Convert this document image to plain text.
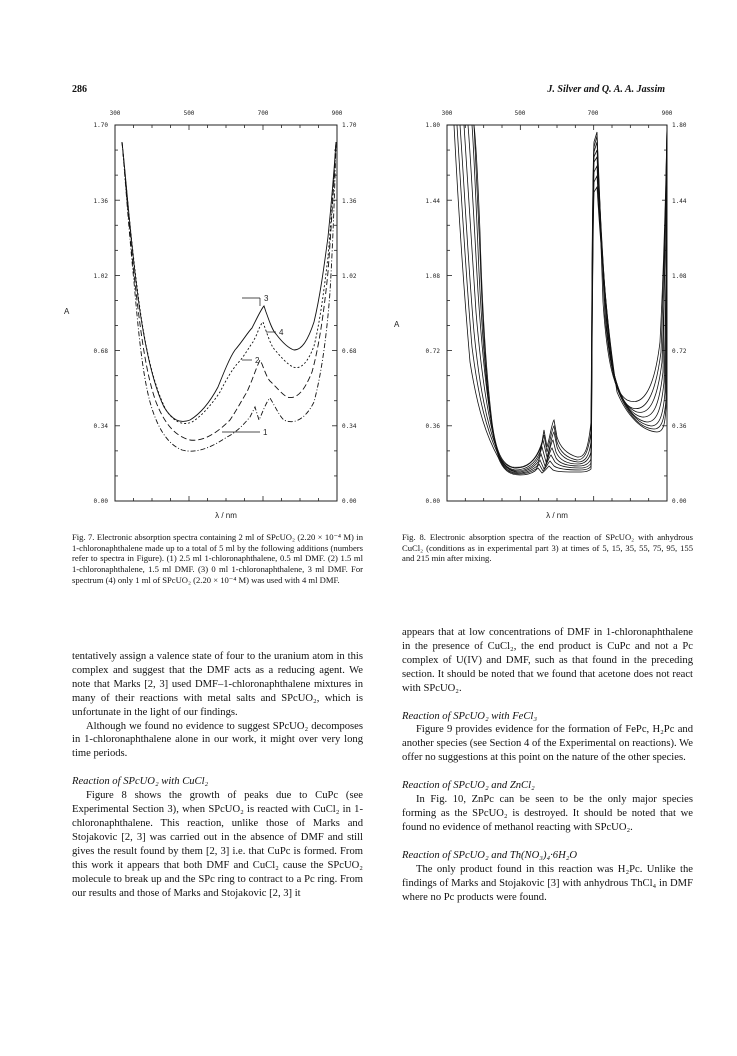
286	J. Silver and Q. A. A. Jassim
300	500	700	900
1.70
1.36
1.02
0.68
0.34
0.00
1.70
1.36
1.02
0.68
0.34
0.00
A
λ / nm
3
4
2
1
300	500	700	900
1.80
1.44
1.08
0.72
0.36
0.00
1.80
1.44
1.08
0.72
0.36
0.00
A
λ / nm
Fig. 7. Electronic absorption spectra containing 2 ml of SPcUO₂ (2.20 × 10⁻⁴ M) in 1-chloronaphthalene made up to a total of 5 ml by the following additions (numbers refer to spectra in Figure). (1) 2.5 ml 1-chloronaphthalene, 0.5 ml DMF. (2) 1.5 ml 1-chloronaphthalene, 1.5 ml DMF. (3) 0 ml 1-chloronaphthalene, 3 ml DMF. For spectrum (4) only 1 ml of SPcUO₂ (2.20 × 10⁻⁴ M) was used with 4 ml DMF.
Fig. 8. Electronic absorption spectra of the reaction of SPcUO₂ with anhydrous CuCl₂ (conditions as in experimental part 3) at times of 5, 15, 35, 55, 75, 95, 155 and 215 min after mixing.

tentatively assign a valence state of four to the uranium atom in this complex and suggest that the DMF acts as a reducing agent. We note that Marks [2, 3] used DMF–1-chloronaphthalene mixtures in many of their reactions with metal salts and SPcUO₂, which is unfortunate in the light of our findings.

Although we found no evidence to suggest SPcUO₂ decomposes in 1-chloronaphthalene alone in our work, it might over very long time periods.

Reaction of SPcUO₂ with CuCl₂

Figure 8 shows the growth of peaks due to CuPc (see Experimental Section 3), when SPcUO₂ is reacted with CuCl₂ in 1-chloronaphthalene. This reaction, unlike those of Marks and Stojakovic [2, 3] was carried out in the absence of DMF and still gives the result found by them [2, 3] i.e. that CuPc is formed. From this work it appears that both DMF and CuCl₂ cause the SPcUO₂ molecule to break up and the SPc ring to contract to a Pc ring. From our results and those of Marks and Stojakovic [2, 3] it

appears that at low concentrations of DMF in 1-chloronaphthalene in the presence of CuCl₂, the end product is CuPc and not a Pc complex of U(IV) and DMF, such as that found in the preceding section. It should be noted that we found that acetone does not react with SPcUO₂.

Reaction of SPcUO₂ with FeCl₃

Figure 9 provides evidence for the formation of FePc, H₂Pc and another species (see Section 4 of the Experimental on reactions). We offer no suggestions at this point on the nature of the other species.

Reaction of SPcUO₂ and ZnCl₂

In Fig. 10, ZnPc can be seen to be the only major species forming as the SPcUO₂ is destroyed. It should be noted that we found no evidence of methanol reacting with SPcUO₂.

Reaction of SPcUO₂ and Th(NO₃)₄·6H₂O

The only product found in this reaction was H₂Pc. Unlike the findings of Marks and Stojakovic [3] with anhydrous ThCl₄ in DMF where no Pc products were found.
